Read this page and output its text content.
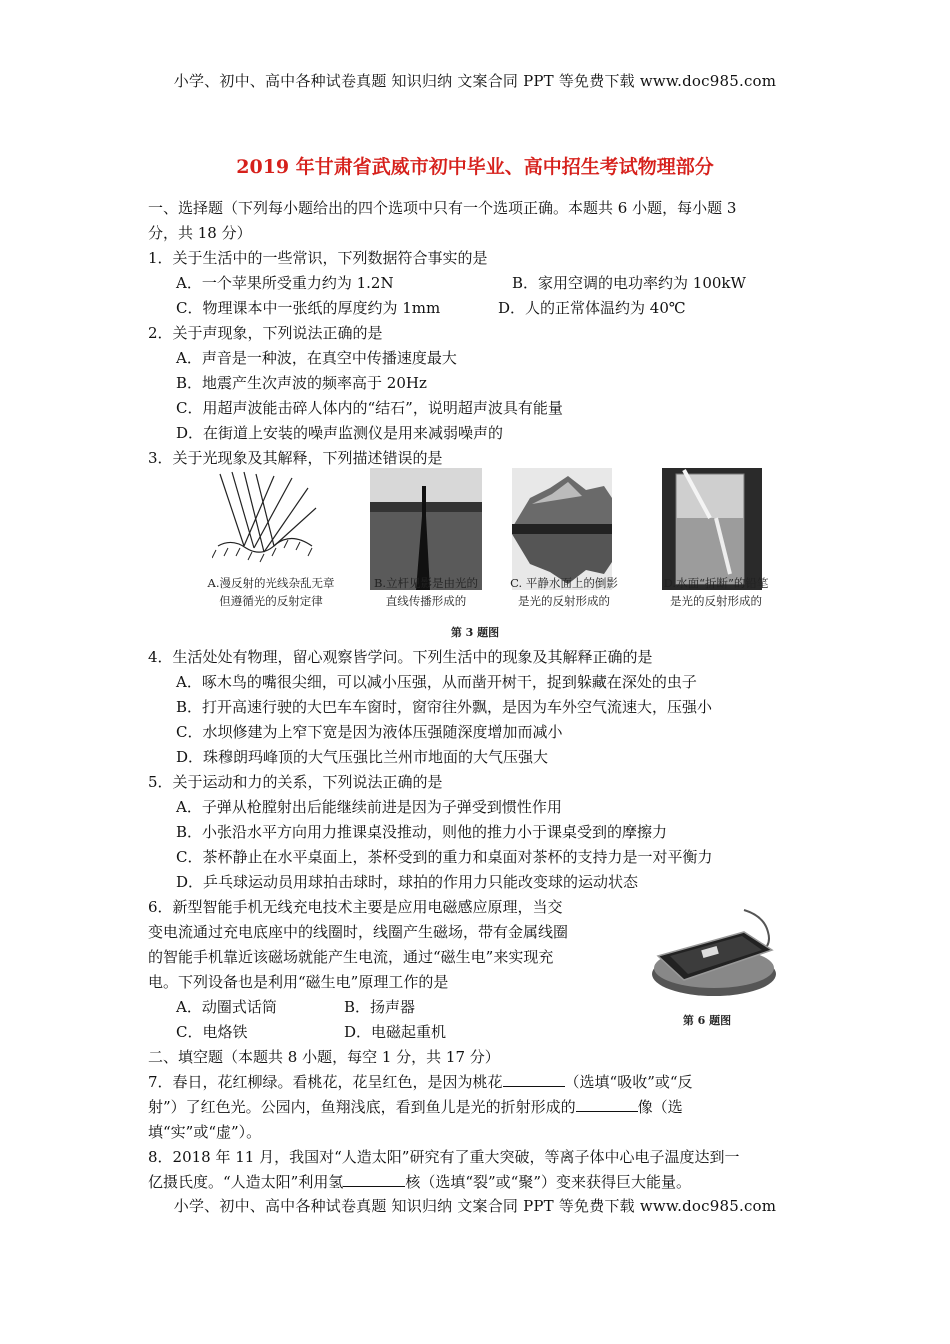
小学、初中、高中各种试卷真题 知识归纳 文案合同 PPT 等免费下载 www.doc985.com
2019 年甘肃省武威市初中毕业、高中招生考试物理部分
一、选择题（下列每小题给出的四个选项中只有一个选项正确。本题共 6 小题，每小题 3
分，共 18 分）
1．关于生活中的一些常识，下列数据符合事实的是
A．一个苹果所受重力约为 1.2N	B．家用空调的电功率约为 100kW
C．物理课本中一张纸的厚度约为 1mm	D．人的正常体温约为 40℃
2．关于声现象，下列说法正确的是
A．声音是一种波，在真空中传播速度最大
B．地震产生次声波的频率高于 20Hz
C．用超声波能击碎人体内的“结石”，说明超声波具有能量
D．在街道上安装的噪声监测仪是用来减弱噪声的
3．关于光现象及其解释，下列描述错误的是
A.漫反射的光线杂乱无章
但遵循光的反射定律
B.立杆见影是由光的
直线传播形成的
C. 平静水面上的倒影
是光的反射形成的
D.水面“折断”的铅笔
是光的反射形成的
第 3 题图
4．生活处处有物理，留心观察皆学问。下列生活中的现象及其解释正确的是
A．啄木鸟的嘴很尖细，可以减小压强，从而凿开树干，捉到躲藏在深处的虫子
B．打开高速行驶的大巴车车窗时，窗帘往外飘，是因为车外空气流速大，压强小
C．水坝修建为上窄下宽是因为液体压强随深度增加而减小
D．珠穆朗玛峰顶的大气压强比兰州市地面的大气压强大
5．关于运动和力的关系，下列说法正确的是
A．子弹从枪膛射出后能继续前进是因为子弹受到惯性作用
B．小张沿水平方向用力推课桌没推动，则他的推力小于课桌受到的摩擦力
C．茶杯静止在水平桌面上，茶杯受到的重力和桌面对茶杯的支持力是一对平衡力
D．乒乓球运动员用球拍击球时，球拍的作用力只能改变球的运动状态
6．新型智能手机无线充电技术主要是应用电磁感应原理，当交
变电流通过充电底座中的线圈时，线圈产生磁场，带有金属线圈
的智能手机靠近该磁场就能产生电流，通过“磁生电”来实现充
电。下列设备也是利用“磁生电”原理工作的是
A．动圈式话筒	B．扬声器
C．电烙铁	D．电磁起重机
第 6 题图
二、填空题（本题共 8 小题，每空 1 分，共 17 分）
7．春日，花红柳绿。看桃花，花呈红色，是因为桃花	（选填“吸收”或“反
射”）了红色光。公园内，鱼翔浅底，看到鱼儿是光的折射形成的	像（选
填“实”或“虚”）。
8．2018 年 11 月，我国对“人造太阳”研究有了重大突破，等离子体中心电子温度达到一
亿摄氏度。“人造太阳”利用氢	核（选填“裂”或“聚”）变来获得巨大能量。
小学、初中、高中各种试卷真题 知识归纳 文案合同 PPT 等免费下载 www.doc985.com
